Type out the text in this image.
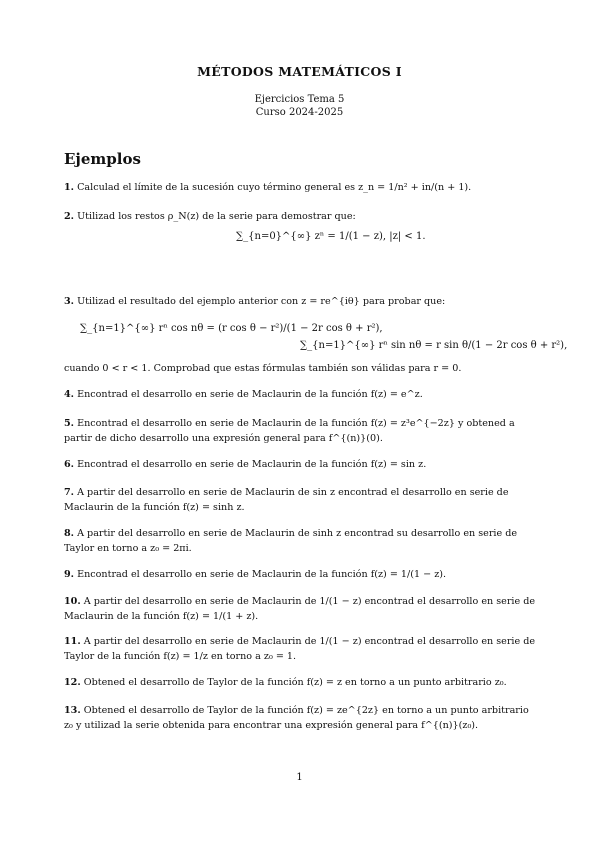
MÉTODOS MATEMÁTICOS I
Ejercicios Tema 5
Curso 2024-2025
Ejemplos
1. Calculad el límite de la sucesión cuyo término general es z_n = 1/n² + in/(n + 1).
2. Utilizad los restos ρ_N(z) de la serie para demostrar que:
∑_{n=0}^{∞} zⁿ = 1/(1 − z), |z| < 1.
3. Utilizad el resultado del ejemplo anterior con z = re^{iθ} para probar que:
∑_{n=1}^{∞} rⁿ cos nθ = (r cos θ − r²)/(1 − 2r cos θ + r²),
∑_{n=1}^{∞} rⁿ sin nθ = r sin θ/(1 − 2r cos θ + r²),
cuando 0 < r < 1. Comprobad que estas fórmulas también son válidas para r = 0.
4. Encontrad el desarrollo en serie de Maclaurin de la función f(z) = e^z.
5. Encontrad el desarrollo en serie de Maclaurin de la función f(z) = z³e^{−2z} y obtened a partir de dicho desarrollo una expresión general para f^{(n)}(0).
6. Encontrad el desarrollo en serie de Maclaurin de la función f(z) = sin z.
7. A partir del desarrollo en serie de Maclaurin de sin z encontrad el desarrollo en serie de Maclaurin de la función f(z) = sinh z.
8. A partir del desarrollo en serie de Maclaurin de sinh z encontrad su desarrollo en serie de Taylor en torno a z₀ = 2πi.
9. Encontrad el desarrollo en serie de Maclaurin de la función f(z) = 1/(1 − z).
10. A partir del desarrollo en serie de Maclaurin de 1/(1 − z) encontrad el desarrollo en serie de Maclaurin de la función f(z) = 1/(1 + z).
11. A partir del desarrollo en serie de Maclaurin de 1/(1 − z) encontrad el desarrollo en serie de Taylor de la función f(z) = 1/z en torno a z₀ = 1.
12. Obtened el desarrollo de Taylor de la función f(z) = z en torno a un punto arbitrario z₀.
13. Obtened el desarrollo de Taylor de la función f(z) = ze^{2z} en torno a un punto arbitrario z₀ y utilizad la serie obtenida para encontrar una expresión general para f^{(n)}(z₀).
1
